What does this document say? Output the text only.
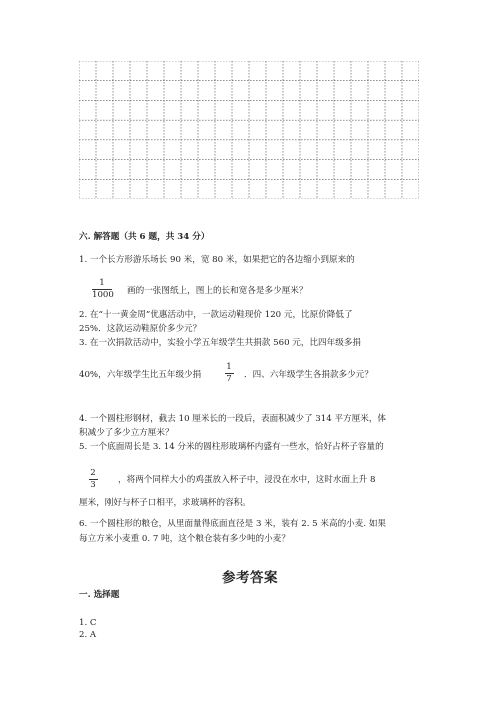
六. 解答题（共 6 题，共 34 分）
1. 一个长方形游乐场长 90 米，宽 80 米，如果把它的各边缩小到原来的
1
1000 画的一张图纸上，图上的长和宽各是多少厘米？
2. 在“十一黄金周”优惠活动中，一款运动鞋现价 120 元，比原价降低了
25%．这款运动鞋原价多少元？
3. 在一次捐款活动中，实验小学五年级学生共捐款 560 元，比四年级多捐
40%，六年级学生比五年级少捐
1
7 ．四、六年级学生各捐款多少元？
4. 一个圆柱形钢材，截去 10 厘米长的一段后，表面积减少了 314 平方厘米，体
积减少了多少立方厘米？
5. 一个底面周长是 3. 14 分米的圆柱形玻璃杯内盛有一些水，恰好占杯子容量的
2
3	，将两个同样大小的鸡蛋放入杯子中，浸没在水中，这时水面上升 8
厘米，刚好与杯子口相平，求玻璃杯的容积。
6. 一个圆柱形的粮仓，从里面量得底面直径是 3 米，装有 2. 5 米高的小麦. 如果
每立方米小麦重 0. 7 吨，这个粮仓装有多少吨的小麦？
参考答案
一. 选择题
1. C
2. A
